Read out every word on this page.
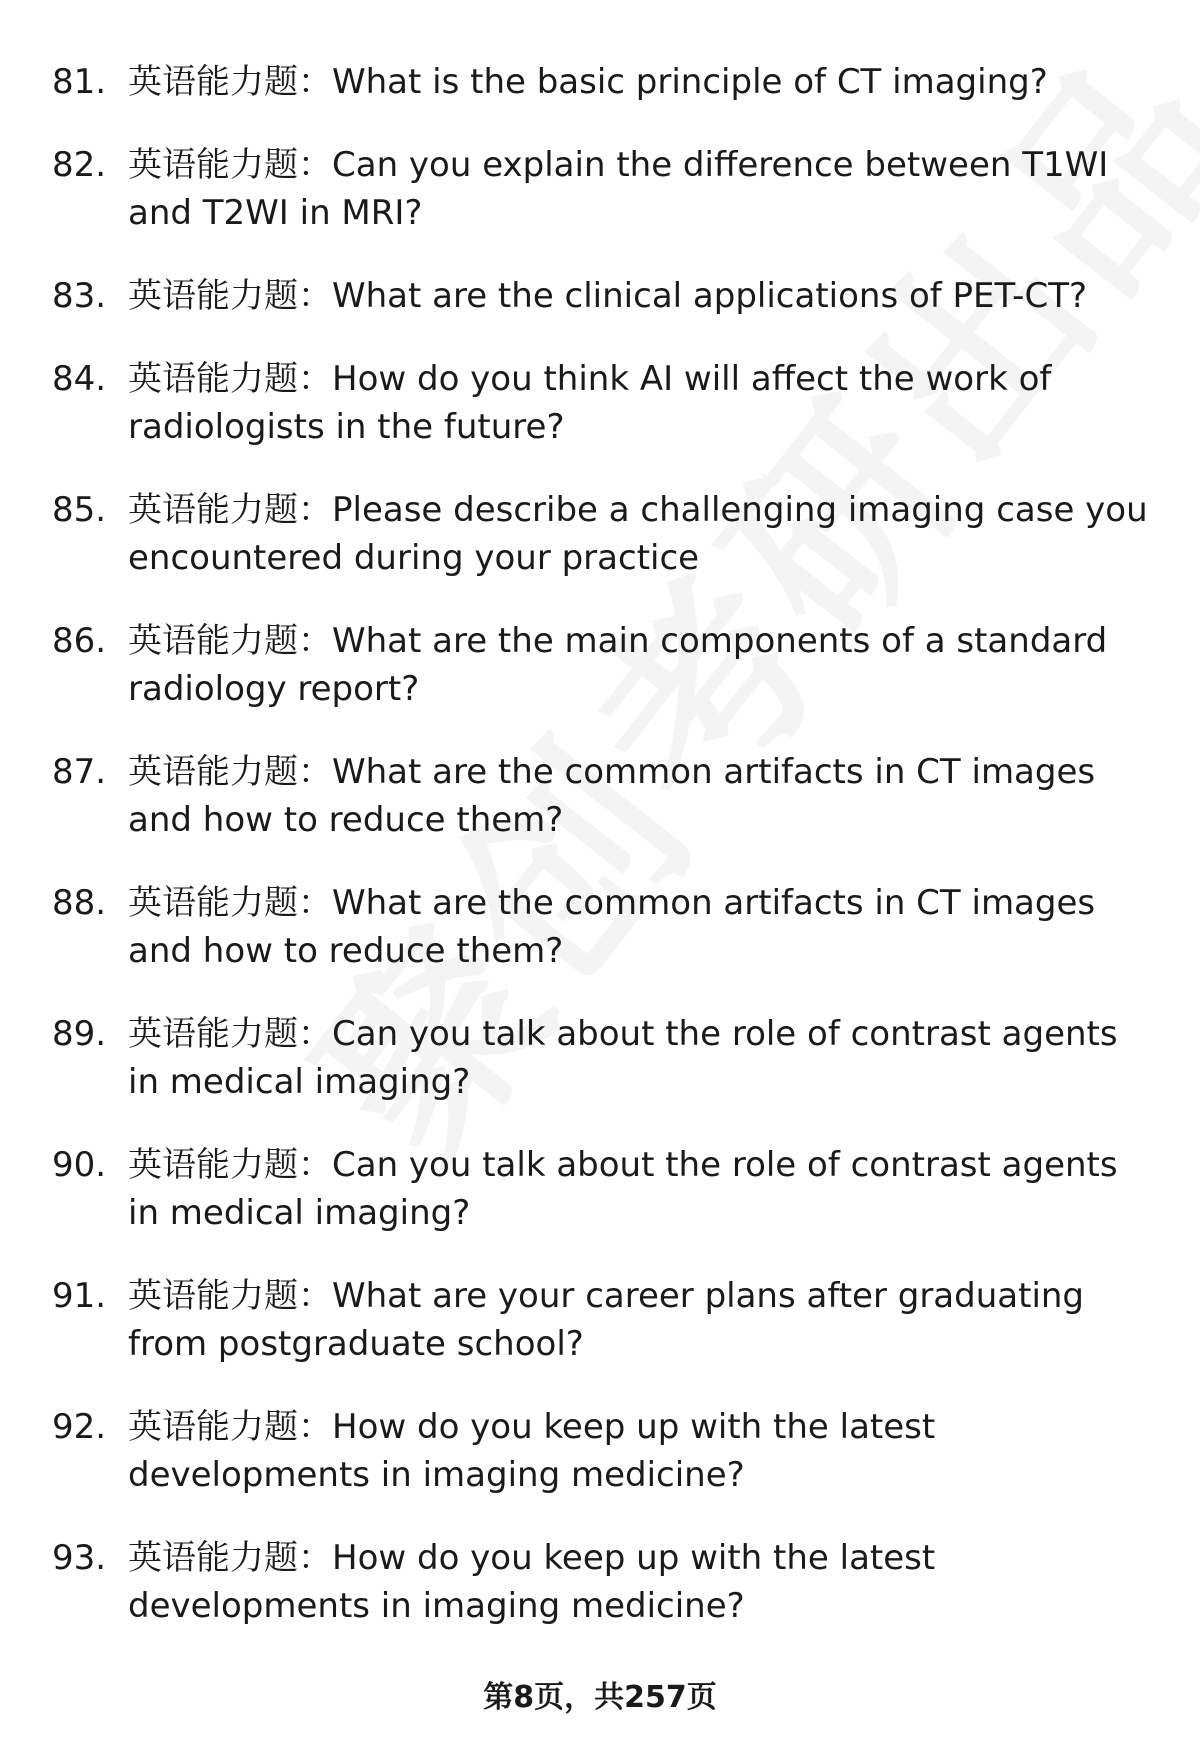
81. 英语能力题：What is the basic principle of CT imaging?
82. 英语能力题：Can you explain the difference between T1WI and T2WI in MRI?
83. 英语能力题：What are the clinical applications of PET-CT?
84. 英语能力题：How do you think AI will affect the work of radiologists in the future?
85. 英语能力题：Please describe a challenging imaging case you encountered during your practice
86. 英语能力题：What are the main components of a standard radiology report?
87. 英语能力题：What are the common artifacts in CT images and how to reduce them?
88. 英语能力题：What are the common artifacts in CT images and how to reduce them?
89. 英语能力题：Can you talk about the role of contrast agents in medical imaging?
90. 英语能力题：Can you talk about the role of contrast agents in medical imaging?
91. 英语能力题：What are your career plans after graduating from postgraduate school?
92. 英语能力题：How do you keep up with the latest developments in imaging medicine?
93. 英语能力题：How do you keep up with the latest developments in imaging medicine?
第8页，共257页
